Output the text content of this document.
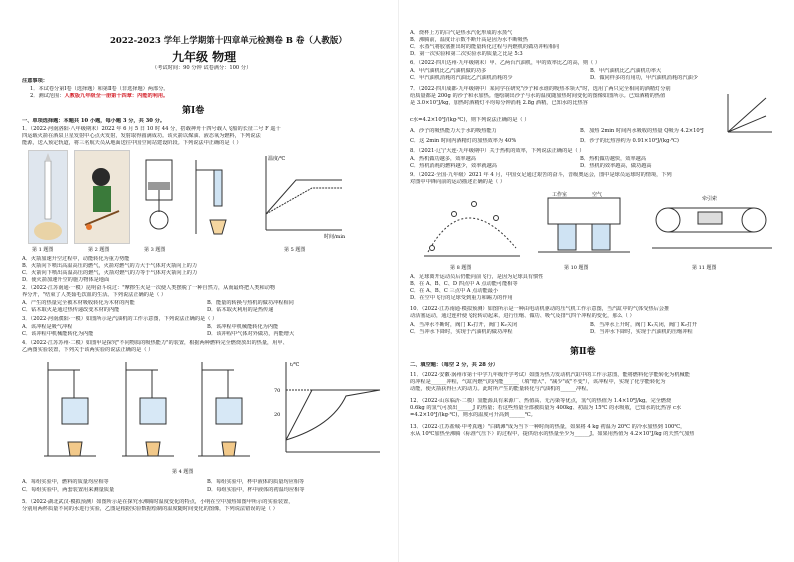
2022-2023 学年上学期第十四章单元检测卷 B 卷（人教版）
九年级 物理
（考试时间：90 分钟 试卷满分：100 分）
注意事项：
1．本试卷分第Ⅰ卷（选择题）和第Ⅱ卷（非选择题）两部分。
2．测试范围：人教版九年级全一册第十四章：内能的利用。
第Ⅰ卷
一、单项选择题：本题共 10 小题，每小题 3 分，共 30 分。
1．（2022·河南洛阳·八年级期末）2022 年 6 月 5 日 10 时 44 分，搭载神舟十四号载人飞船的长征二号 F 遥十
四运载火箭在酒泉卫星发射中心点火发射，发射取得圆满成功。该火箭以煤油、液态氧为燃料，下列说法
能源，送入预定轨道，将三名航天员从地面送往中国空间站建设阶段。下列说法中正确的是（ ）
温度/℃
时间/min
第 1 题图	第 2 题图	第 3 题图	第 5 题图
A．火箭加速升空过程中，动能转化为重力势能
B．火箭向下喷出高温高压的燃气，火箭对燃气的力大于气体对火箭向上的力
C．火箭向下喷出高温高压的燃气，火箭对燃气的力等于气体对火箭向上的力
D．使火箭加速升空的施力物体是地面
2．（2022·江苏南通·一模）昆明奋斗说过："摩擦生火是一次使人类摆脱了一种自然力，从而最终把人类和动物
界分开，"结束了人类茹毛饮血的生活。下列说法正确的是（ ）
A．产生的热量完全被木材吸收转化为木材的内能	B．能量的转换与热机的做功冲程相同
C．钻木取火是通过热传递改变木材的内能	D．钻木取火利用的是热传递
3．（2022·河南濮阳·一模）如图所示是汽油机的工作示意图，下列说法正确的是（ ）
A．该冲程是吸气冲程	B．该冲程中机械能转化为内能
C．该冲程中机械能转化为内能	D．该冲程中气体对外做功，内能增大
4．（2022·江苏苏州·二模）如图甲是探究"不同物质的吸热能力"的装置，根据两种燃料完全燃烧放出的热量，用甲、
乙两图实验装置，下列关于该两实验的说法正确的是（ ）
70
20
t/℃
第 4 题图
A．每组实验中，燃料的质量均应相等	B．每组实验中，杯中液体的质量均应相等
C．每组实验中，两套装置用来测量质量	D．每组实验中，杯中液体的初温均应相等
5．（2022·湖北武汉·模拟预测）如图所示是在探究水沸腾时温度变化的特点，小明在空中加热如图甲所示的实验装置，
分别用两杯质量不同的水进行实验，乙图是根据实验数据绘制的温度随时间变化的图像，下列说法错误的是（ ）
A．烧杯上方的白气是热水汽化形成的水蒸气
B．沸腾前，温度计示数不断升高是因为水不断吸热
C．水蒸气将胶塞推出时的能量转化过程与内燃机的做功冲程相同
D．第一次实验和第二次实验水的质量之比是 5:3
6．（2022·四川达州·九年级期末）甲、乙两台汽油机，甲的效率比乙的高，则（ ）
A．甲汽油机比乙汽油机做的功多	B．甲汽油机比乙汽油机功率大
C．甲汽油机消耗的汽油比乙汽油机消耗的少	D．做同样多的有用功，甲汽油机消耗的汽油少
7．（2022·四川成都·九年级期中）某同学在研究"沙子和水谁的吸热本领大"时，选用了两只完全相同的酒精灯分别
给质量都是 200g 的沙子和水加热。他绘制出沙子与水的温度随加热时间变化的图像如图所示。已知酒精的热值
是 3.0×10⁷J/kg，加热时酒精灯平均每分钟消耗 2.8g 酒精，已知水的比热容
c水=4.2×10³J/(kg·℃)，则下列说法正确的是（ ）
A．沙子的吸热能力大于水的吸热能力	B．加热 2min 时间内水吸收的热量 Q吸为 4.2×10⁴J
C．这 2min 时间内酒精灯的加热效率为 40%	D．沙子的比热容约为 0.91×10³J/(kg·℃)
8．（2021·辽宁大连·九年级期中）关于热机的效率，下列说法正确的是（ ）
A．热机做功越多，效率越高	B．热机做功越快，效率越高
C．热机消耗的燃料越少，效率就越高	D．热机的效率越高，做功越高
9．（2022·全国·九年级）2021 年 4 月，中国女足通过艰苦的奋斗，晋级奥运会，图中是球员运球时的情境，下列
对图中中锋向前的运动描述正确的是（ ）
工作室	空气
牵引索
第 8 题图	第 10 题图	第 11 题图
A．足球离开运动员后仍能向前飞行，是因为足球具有惯性
B．在 A、B、C、D 四点中 A 点动能可能相等
C．在 A、B、C 三点中 A 点动能最小
D．在空中飞行的足球受到重力和踢力的作用
10．（2022·江苏南通·模拟预测）如图所示是一种由电动机驱动的压气机工作示意图，当汽缸中的气体受热后会推
动活塞运动，通过连杆使飞轮转动起来，进行压缩、做功、吸气及排气四个冲程的变化，那么（ ）
A．当冲水不断时，阀门 K₁打开，阀门 K₂关闭	B．当冲水上升时，阀门 K₁关闭，阀门 K₂打开
C．当冲水下降时，实现于汽油机的做功冲程	D．当冲水下降时，实现于汽油机的压缩冲程
第Ⅱ卷
二、填空题：（每空 2 分，共 28 分）
11．（2022·安徽·涡州市第十中学九年级开学考试）如图为热力发动机汽缸中的工作示意图，能将燃料化学能转化为机械能
的冲程是______冲程，气缸内燃气的内能______（填"增大"、"减少"或"不变"），该冲程中，实现了化学能转化为
动能，使火箭获得巨大的动力。此时所产生的能量转化与汽油机的______冲程。
12．（2022·山东临沂·二模）氢能源具有来源广、热值高、无污染等优点，氢气的热值为 1.4×10⁸J/kg。完全燃烧
0.6kg 的氢气可放出______J 的热量；若这些热量全部被质量为 400kg、初温为 15℃ 的水吸收，已知水的比热容 c水
=4.2×10³J/(kg·℃)，则水的温度可升高到______℃。
13．（2022·江苏盐城·中考真题）"白鹤滩"成为当下一种时尚的热量，如果将 4 kg 初温为 20℃ 的冷水加热到 100℃，
水从 10℃加热至沸腾（标准气压下）的过程中，提供给水的热量至少为______J。如果用热值为 4.2×10⁷J/kg 的天然气加热
